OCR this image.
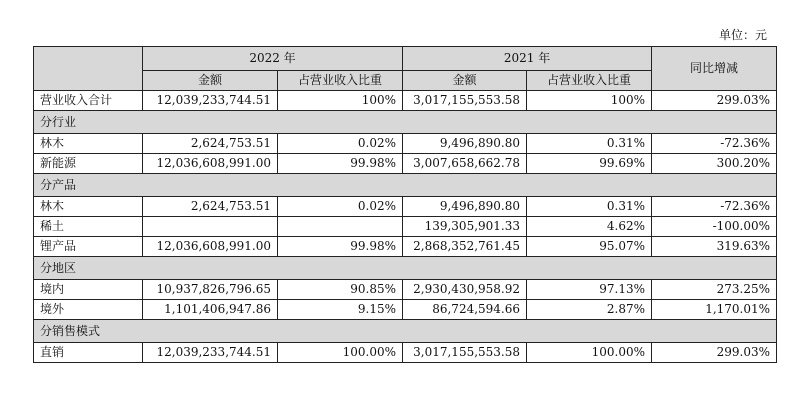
单位：元
	2022 年		2021 年		同比增减
	金额	占营业收入比重	金额	占营业收入比重	
营业收入合计	12,039,233,744.51	100%	3,017,155,553.58	100%	299.03%
分行业					
林木	2,624,753.51	0.02%	9,496,890.80	0.31%	-72.36%
新能源	12,036,608,991.00	99.98%	3,007,658,662.78	99.69%	300.20%
分产品					
林木	2,624,753.51	0.02%	9,496,890.80	0.31%	-72.36%
稀土			139,305,901.33	4.62%	-100.00%
锂产品	12,036,608,991.00	99.98%	2,868,352,761.45	95.07%	319.63%
分地区					
境内	10,937,826,796.65	90.85%	2,930,430,958.92	97.13%	273.25%
境外	1,101,406,947.86	9.15%	86,724,594.66	2.87%	1,170.01%
分销售模式					
直销	12,039,233,744.51	100.00%	3,017,155,553.58	100.00%	299.03%
